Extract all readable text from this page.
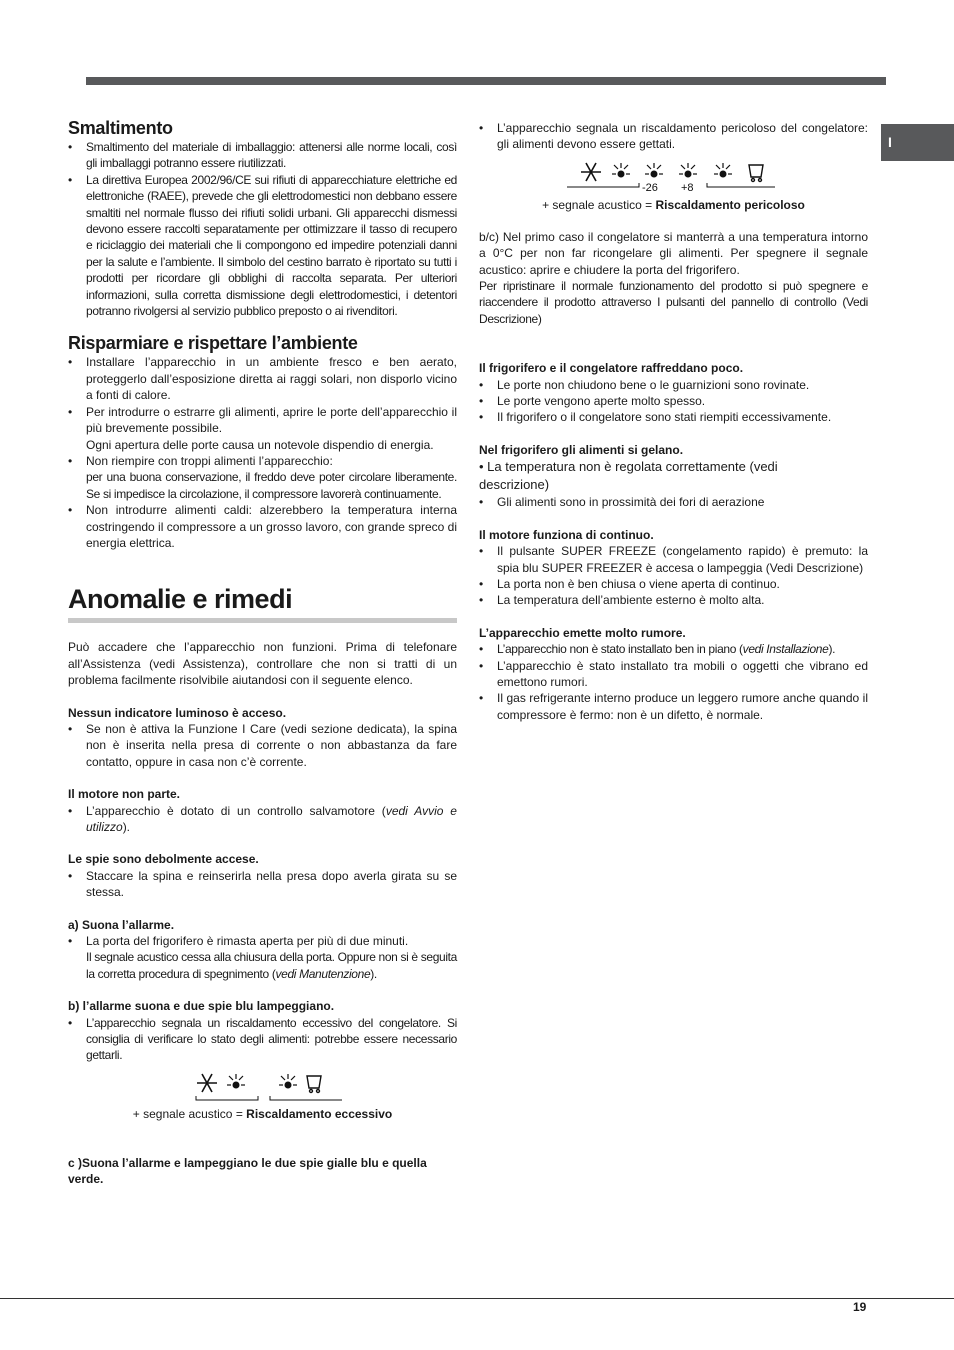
I
Smaltimento
• Smaltimento del materiale di imballaggio: attenersi alle norme locali, così gli imballaggi potranno essere riutilizzati.
• La direttiva Europea 2002/96/CE sui rifiuti di apparecchiature elettriche ed elettroniche (RAEE), prevede che gli elettrodomestici non debbano essere smaltiti nel normale flusso dei rifiuti solidi urbani. Gli apparecchi dismessi devono essere raccolti separatamente per ottimizzare il tasso di recupero e riciclaggio dei materiali che li compongono ed impedire potenziali danni per la salute e l’ambiente. Il simbolo del cestino barrato è riportato su tutti i prodotti per ricordare gli obblighi di raccolta separata. Per ulteriori informazioni, sulla corretta dismissione degli elettrodomestici, i detentori potranno rivolgersi al servizio pubblico preposto o ai rivenditori.
Risparmiare e rispettare l’ambiente
• Installare l’apparecchio in un ambiente fresco e ben aerato, proteggerlo dall’esposizione diretta ai raggi solari, non disporlo vicino a fonti di calore.
• Per introdurre o estrarre gli alimenti, aprire le porte dell’apparecchio il più brevemente possibile.

Ogni apertura delle porte causa un notevole dispendio di energia.

• Non riempire con troppi alimenti l’apparecchio:

per una buona conservazione, il freddo deve poter circolare liberamente. Se si impedisce la circolazione, il compressore lavorerà continuamente.

• Non introdurre alimenti caldi: alzerebbero la temperatura interna costringendo il compressore a un grosso lavoro, con grande spreco di energia elettrica.
Anomalie e rimedi

Può accadere che l’apparecchio non funzioni. Prima di telefonare all’Assistenza (vedi Assistenza), controllare che non si tratti di un problema facilmente risolvibile aiutandosi con il seguente elenco.

Nessun indicatore luminoso è acceso.

• Se non è attiva la Funzione I Care (vedi sezione dedicata), la spina non è inserita nella presa di corrente o non abbastanza da fare contatto, oppure in casa non c’è corrente.

Il motore non parte.

• L’apparecchio è dotato di un controllo salvamotore (vedi Avvio e utilizzo).

Le spie sono debolmente accese.

• Staccare la spina e reinserirla nella presa dopo averla girata su se stessa.

a) Suona l’allarme.

• La porta del frigorifero è rimasta aperta per più di due minuti.

Il segnale acustico cessa alla chiusura della porta. Oppure non si è seguita la corretta procedura di spegnimento (vedi Manutenzione).

b) l’allarme suona e due spie blu lampeggiano.

• L’apparecchio segnala un riscaldamento eccessivo del congelatore. Si consiglia di verificare lo stato degli alimenti: potrebbe essere necessario gettarli.

+ segnale acustico = Riscaldamento eccessivo

c )Suona l’allarme e lampeggiano le due spie gialle blu e quella verde.

• L’apparecchio segnala un riscaldamento pericoloso del congelatore: gli alimenti devono essere gettati.
-26 +8

+ segnale acustico = Riscaldamento pericoloso

b/c) Nel primo caso il congelatore si manterrà a una temperatura intorno a 0°C per non far ricongelare gli alimenti. Per spegnere il segnale acustico: aprire e chiudere la porta del frigorifero.

Per ripristinare il normale funzionamento del prodotto si può spegnere e riaccendere il prodotto attraverso I pulsanti del pannello di controllo (Vedi Descrizione)

Il frigorifero e il congelatore raffreddano poco.

• Le porte non chiudono bene o le guarnizioni sono rovinate.
• Le porte vengono aperte molto spesso.
• Il frigorifero o il congelatore sono stati riempiti eccessivamente.

Nel frigorifero gli alimenti si gelano.

• La temperatura non è regolata correttamente (vedi

descrizione)

• Gli alimenti sono in prossimità dei fori di aerazione

Il motore funziona di continuo.

• Il pulsante SUPER FREEZE (congelamento rapido) è premuto: la spia blu SUPER FREEZER è accesa o lampeggia (Vedi Descrizione)
• La porta non è ben chiusa o viene aperta di continuo.
• La temperatura dell’ambiente esterno è molto alta.

L’apparecchio emette molto rumore.

• L’apparecchio non è stato installato ben in piano (vedi Installazione).
• L’apparecchio è stato installato tra mobili o oggetti che vibrano ed emettono rumori.
• Il gas refrigerante interno produce un leggero rumore anche quando il compressore è fermo: non è un difetto, è normale.
19
